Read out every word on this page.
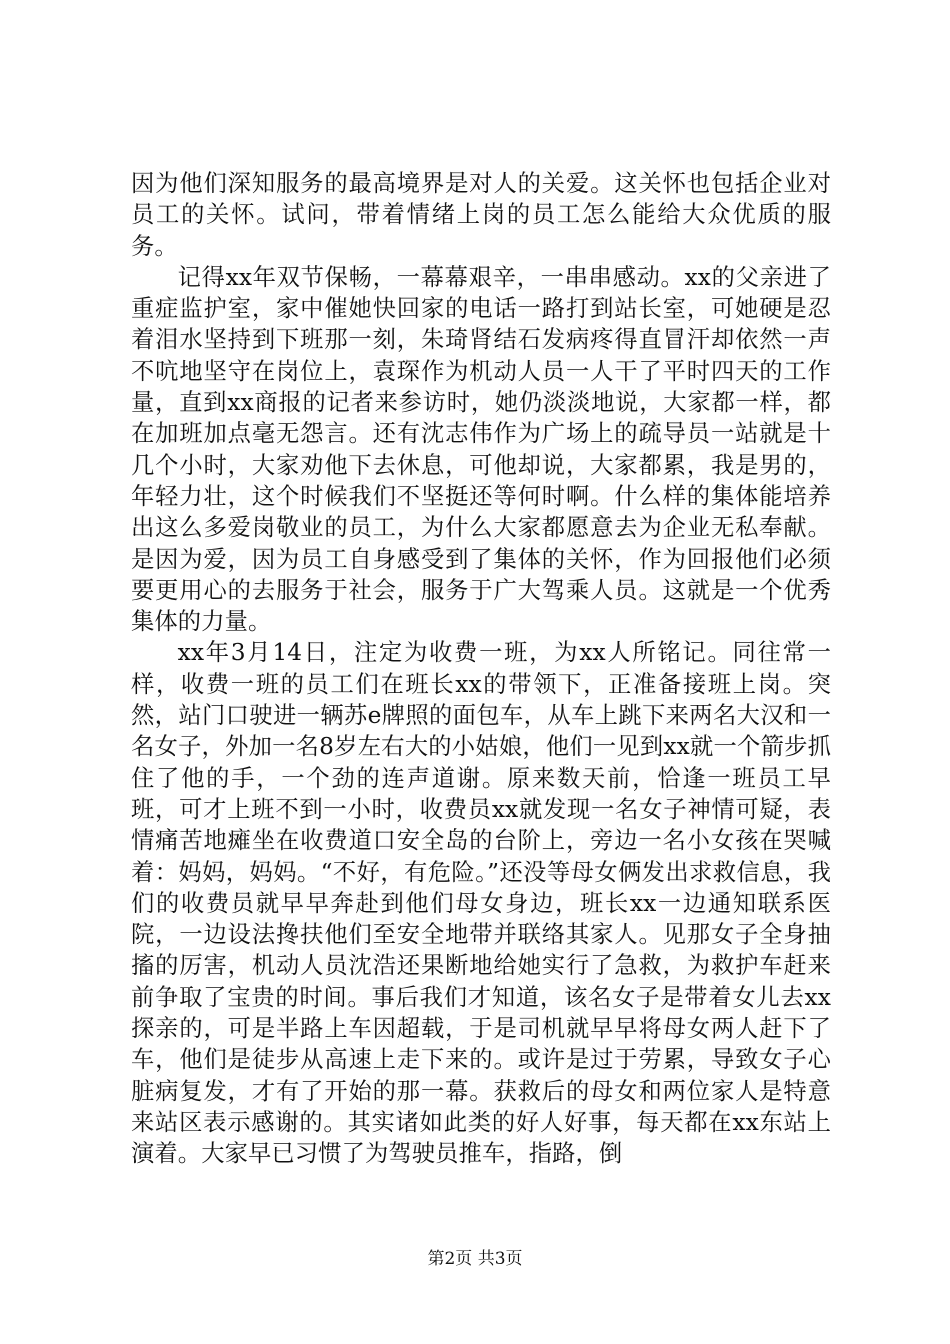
因为他们深知服务的最高境界是对人的关爱。这关怀也包括企业对员工的关怀。试问，带着情绪上岗的员工怎么能给大众优质的服务。

记得xx年双节保畅，一幕幕艰辛，一串串感动。xx的父亲进了重症监护室，家中催她快回家的电话一路打到站长室，可她硬是忍着泪水坚持到下班那一刻，朱琦肾结石发病疼得直冒汗却依然一声不吭地坚守在岗位上，袁琛作为机动人员一人干了平时四天的工作量，直到xx商报的记者来参访时，她仍淡淡地说，大家都一样，都在加班加点毫无怨言。还有沈志伟作为广场上的疏导员一站就是十几个小时，大家劝他下去休息，可他却说，大家都累，我是男的，年轻力壮，这个时候我们不坚挺还等何时啊。什么样的集体能培养出这么多爱岗敬业的员工，为什么大家都愿意去为企业无私奉献。是因为爱，因为员工自身感受到了集体的关怀，作为回报他们必须要更用心的去服务于社会，服务于广大驾乘人员。这就是一个优秀集体的力量。

xx年3月14日，注定为收费一班，为xx人所铭记。同往常一样，收费一班的员工们在班长xx的带领下，正准备接班上岗。突然，站门口驶进一辆苏e牌照的面包车，从车上跳下来两名大汉和一名女子，外加一名8岁左右大的小姑娘，他们一见到xx就一个箭步抓住了他的手，一个劲的连声道谢。原来数天前，恰逢一班员工早班，可才上班不到一小时，收费员xx就发现一名女子神情可疑，表情痛苦地瘫坐在收费道口安全岛的台阶上，旁边一名小女孩在哭喊着：妈妈，妈妈。“不好，有危险。”还没等母女俩发出求救信息，我们的收费员就早早奔赴到他们母女身边，班长xx一边通知联系医院，一边设法搀扶他们至安全地带并联络其家人。见那女子全身抽搐的厉害，机动人员沈浩还果断地给她实行了急救，为救护车赶来前争取了宝贵的时间。事后我们才知道，该名女子是带着女儿去xx探亲的，可是半路上车因超载，于是司机就早早将母女两人赶下了车，他们是徒步从高速上走下来的。或许是过于劳累，导致女子心脏病复发，才有了开始的那一幕。获救后的母女和两位家人是特意来站区表示感谢的。其实诸如此类的好人好事，每天都在xx东站上演着。大家早已习惯了为驾驶员推车，指路，倒

第2页 共3页
